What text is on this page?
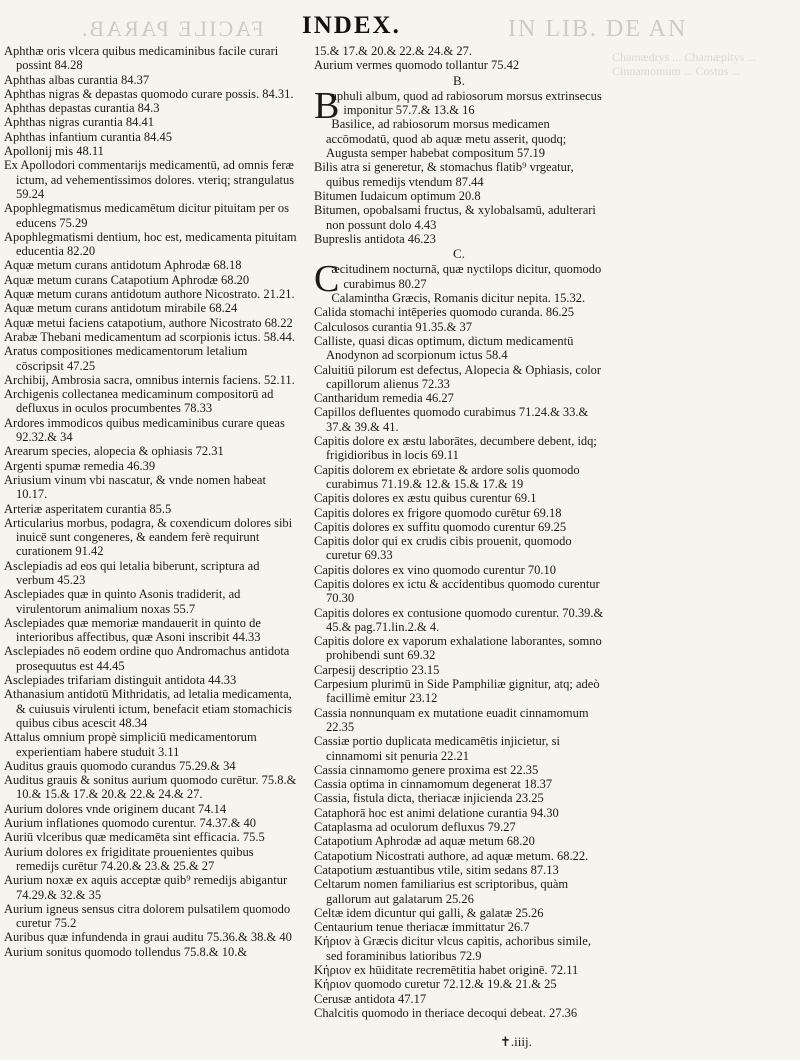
FACILE PARAB. INDEX.	IN LIB. DE AN

Aphthæ oris vlcera quibus medicaminibus facile curari possint 84.28

Aphthas albas curantia 84.37

Aphthas nigras & depastas quomodo curare possis. 84.31.

Aphthas depastas curantia 84.3

Aphthas nigras curantia 84.41

Aphthas infantium curantia 84.45

Apollonij mis 48.11

Ex Apollodori commentarijs medicamentū, ad omnis feræ ictum, ad vehementissimos dolores. vteriq; strangulatus 59.24

Apophlegmatismus medicamētum dicitur pituitam per os educens 75.29

Apophlegmatismi dentium, hoc est, medicamenta pituitam educentia 82.20

Aquæ metum curans antidotum Aphrodæ 68.18

Aquæ metum curans Catapotium Aphrodæ 68.20

Aquæ metum curans antidotum authore Nicostrato. 21.21.

Aquæ metum curans antidotum mirabile 68.24

Aquæ metui faciens catapotium, authore Nicostrato 68.22

Arabæ Thebani medicamentum ad scorpionis ictus. 58.44.

Aratus compositiones medicamentorum letalium cōscripsit 47.25

Archibij, Ambrosia sacra, omnibus internis faciens. 52.11.

Archigenis collectanea medicaminum compositorū ad defluxus in oculos procumbentes 78.33

Ardores immodicos quibus medicaminibus curare queas 92.32.& 34

Arearum species, alopecia & ophiasis 72.31

Argenti spumæ remedia 46.39

Ariusium vinum vbi nascatur, & vnde nomen habeat 10.17.

Arteriæ asperitatem curantia 85.5

Articularius morbus, podagra, & coxendicum dolores sibi inuicē sunt congeneres, & eandem ferè requirunt curationem 91.42

Asclepiadis ad eos qui letalia biberunt, scriptura ad verbum 45.23

Asclepiades quæ in quinto Asonis tradiderit, ad virulentorum animalium noxas 55.7

Asclepiades quæ memoriæ mandauerit in quinto de interioribus affectibus, quæ Asoni inscribit 44.33

Asclepiades nō eodem ordine quo Andromachus antidota prosequutus est 44.45

Asclepiades trifariam distinguit antidota 44.33

Athanasium antidotū Mithridatis, ad letalia medicamenta, & cuiusuis virulenti ictum, benefacit etiam stomachicis quibus cibus acescit 48.34

Attalus omnium propè simpliciū medicamentorum experientiam habere studuit 3.11

Auditus grauis quomodo curandus 75.29.& 34

Auditus grauis & sonitus aurium quomodo curētur. 75.8.& 10.& 15.& 17.& 20.& 22.& 24.& 27.

Aurium dolores vnde originem ducant 74.14

Aurium inflationes quomodo curentur. 74.37.& 40

Auriū vlceribus quæ medicamēta sint efficacia. 75.5

Aurium dolores ex frigiditate prouenientes quibus remedijs curētur 74.20.& 23.& 25.& 27

Aurium noxæ ex aquis acceptæ quib⁹ remedijs abigantur 74.29.& 32.& 35

Aurium igneus sensus citra dolorem pulsatilem quomodo curetur 75.2

Auribus quæ infundenda in graui auditu 75.36.& 38.& 40

Aurium sonitus quomodo tollendus 75.8.& 10.&

15.& 17.& 20.& 22.& 24.& 27.

Aurium vermes quomodo tollantur 75.42

B.

B
aphuli album, quod ad rabiosorum morsus extrinsecus imponitur 57.7.& 13.& 16

Basilice, ad rabiosorum morsus medicamen accōmodatū, quod ab aquæ metu asserit, quodq; Augusta semper habebat compositum 57.19

Bilis atra si generetur, & stomachus flatib⁹ vrgeatur, quibus remedijs vtendum 87.44

Bitumen Iudaicum optimum 20.8

Bitumen, opobalsami fructus, & xylobalsamū, adulterari non possunt dolo 4.43

Bupreslis antidota 46.23

C.

C
æcitudinem nocturnā, quæ nyctilops dicitur, quomodo curabimus 80.27

Calamintha Græcis, Romanis dicitur nepita. 15.32.

Calida stomachi intēperies quomodo curanda. 86.25

Calculosos curantia 91.35.& 37

Calliste, quasi dicas optimum, dictum medicamentū Anodynon ad scorpionum ictus 58.4

Caluitiū pilorum est defectus, Alopecia & Ophiasis, color capillorum alienus 72.33

Cantharidum remedia 46.27

Capillos defluentes quomodo curabimus 71.24.& 33.& 37.& 39.& 41.

Capitis dolore ex æstu laborātes, decumbere debent, idq; frigidioribus in locis 69.11

Capitis dolorem ex ebrietate & ardore solis quomodo curabimus 71.19.& 12.& 15.& 17.& 19

Capitis dolores ex æstu quibus curentur 69.1

Capitis dolores ex frigore quomodo curētur 69.18

Capitis dolores ex suffitu quomodo curentur 69.25

Capitis dolor qui ex crudis cibis prouenit, quomodo curetur 69.33

Capitis dolores ex vino quomodo curentur 70.10

Capitis dolores ex ictu & accidentibus quomodo curentur 70.30

Capitis dolores ex contusione quomodo curentur. 70.39.& 45.& pag.71.lin.2.& 4.

Capitis dolore ex vaporum exhalatione laborantes, somno prohibendi sunt 69.32

Carpesij descriptio 23.15

Carpesium plurimū in Side Pamphiliæ gignitur, atq; adeò facillimè emitur 23.12

Cassia nonnunquam ex mutatione euadit cinnamomum 22.35

Cassiæ portio duplicata medicamētis injicietur, si cinnamomi sit penuria 22.21

Cassia cinnamomo genere proxima est 22.35

Cassia optima in cinnamomum degenerat 18.37

Cassia, fistula dicta, theriacæ injicienda 23.25

Cataphorā hoc est animi delatione curantia 94.30

Cataplasma ad oculorum defluxus 79.27

Catapotium Aphrodæ ad aquæ metum 68.20

Catapotium Nicostrati authore, ad aquæ metum. 68.22.

Catapotium æstuantibus vtile, sitim sedans 87.13

Celtarum nomen familiarius est scriptoribus, quàm gallorum aut galatarum 25.26

Celtæ idem dicuntur qui galli, & galatæ 25.26

Centaurium tenue theriacæ immittatur 26.7

Κήριον à Græcis dicitur vlcus capitis, achoribus simile, sed foraminibus latioribus 72.9

Κήριον ex hūiditate recremētitia habet originē. 72.11

Κήριον quomodo curetur 72.12.& 19.& 21.& 25

Cerusæ antidota 47.17

Chalcitis quomodo in theriace decoqui debeat. 27.36

Chamædrys ... Chamæpitys ... Cinnamomum ... Costus ...
✝.iiij.
